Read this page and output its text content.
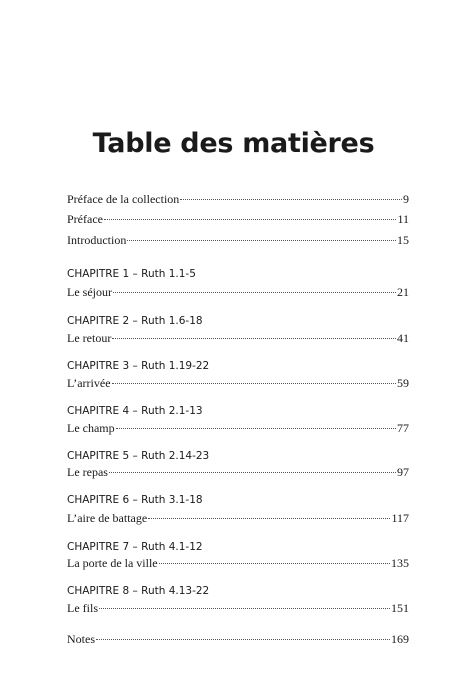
Table des matières
Préface de la collection	9
Préface	11
Introduction	15
CHAPITRE 1 – Ruth 1.1-5
Le séjour	21
CHAPITRE 2 – Ruth 1.6-18
Le retour	41
CHAPITRE 3 – Ruth 1.19-22
L’arrivée	59
CHAPITRE 4 – Ruth 2.1-13
Le champ	77
CHAPITRE 5 – Ruth 2.14-23
Le repas	97
CHAPITRE 6 – Ruth 3.1-18
L’aire de battage	117
CHAPITRE 7 – Ruth 4.1-12
La porte de la ville	135
CHAPITRE 8 – Ruth 4.13-22
Le fils	151
Notes	169
